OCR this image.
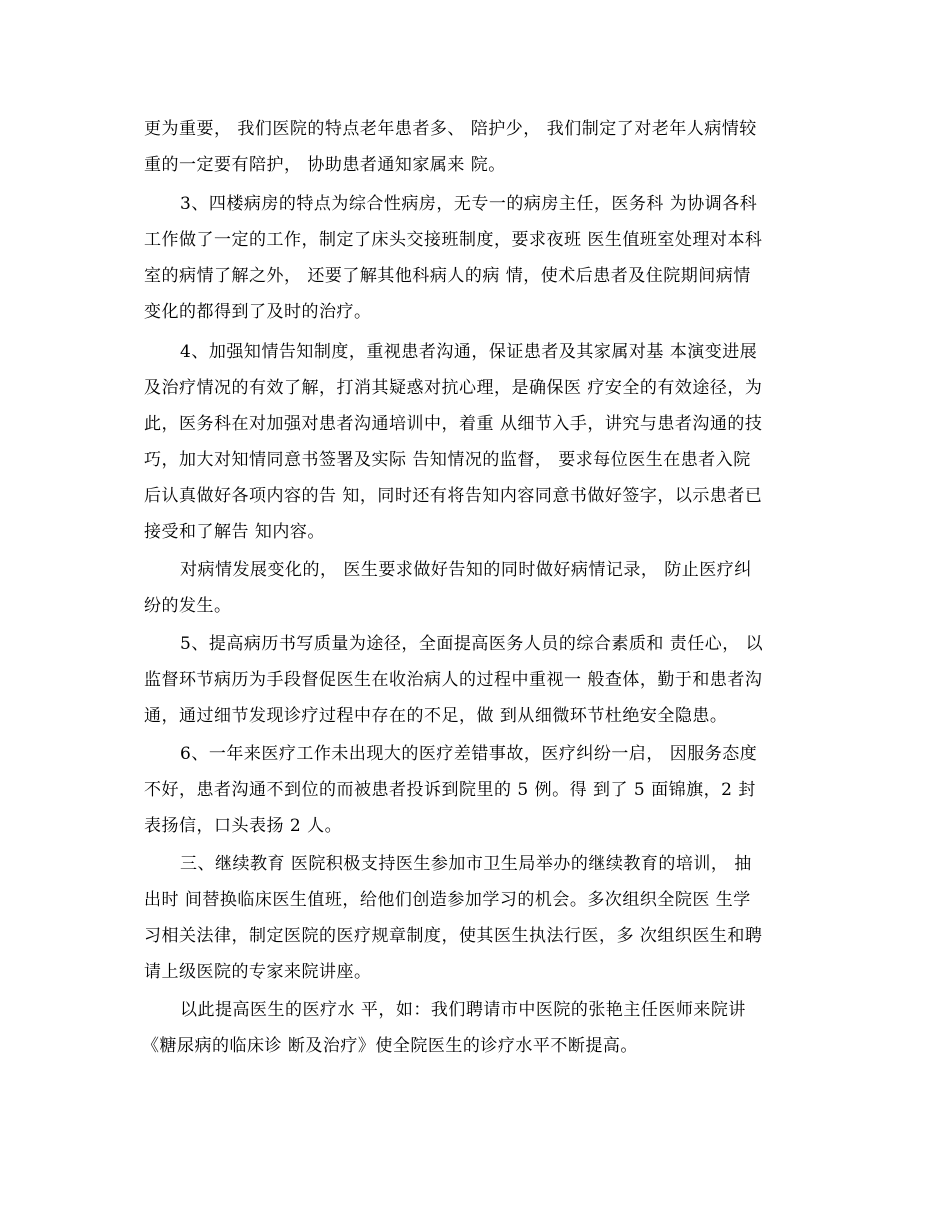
更为重要， 我们医院的特点老年患者多、 陪护少， 我们制定了对老年人病情较
重的一定要有陪护， 协助患者通知家属来 院。
3、四楼病房的特点为综合性病房，无专一的病房主任，医务科 为协调各科
工作做了一定的工作，制定了床头交接班制度，要求夜班 医生值班室处理对本科
室的病情了解之外， 还要了解其他科病人的病 情，使术后患者及住院期间病情
变化的都得到了及时的治疗。
4、加强知情告知制度，重视患者沟通，保证患者及其家属对基 本演变进展
及治疗情况的有效了解，打消其疑惑对抗心理，是确保医 疗安全的有效途径，为
此，医务科在对加强对患者沟通培训中，着重 从细节入手，讲究与患者沟通的技
巧，加大对知情同意书签署及实际 告知情况的监督， 要求每位医生在患者入院
后认真做好各项内容的告 知，同时还有将告知内容同意书做好签字，以示患者已
接受和了解告 知内容。
对病情发展变化的， 医生要求做好告知的同时做好病情记录， 防止医疗纠
纷的发生。
5、提高病历书写质量为途径，全面提高医务人员的综合素质和 责任心， 以
监督环节病历为手段督促医生在收治病人的过程中重视一 般查体，勤于和患者沟
通，通过细节发现诊疗过程中存在的不足，做 到从细微环节杜绝安全隐患。
6、一年来医疗工作未出现大的医疗差错事故，医疗纠纷一启， 因服务态度
不好，患者沟通不到位的而被患者投诉到院里的 5 例。得 到了 5 面锦旗，2 封
表扬信，口头表扬 2 人。
三、继续教育 医院积极支持医生参加市卫生局举办的继续教育的培训， 抽
出时 间替换临床医生值班，给他们创造参加学习的机会。多次组织全院医 生学
习相关法律，制定医院的医疗规章制度，使其医生执法行医，多 次组织医生和聘
请上级医院的专家来院讲座。
以此提高医生的医疗水 平，如：我们聘请市中医院的张艳主任医师来院讲
《糖尿病的临床诊 断及治疗》使全院医生的诊疗水平不断提高。
